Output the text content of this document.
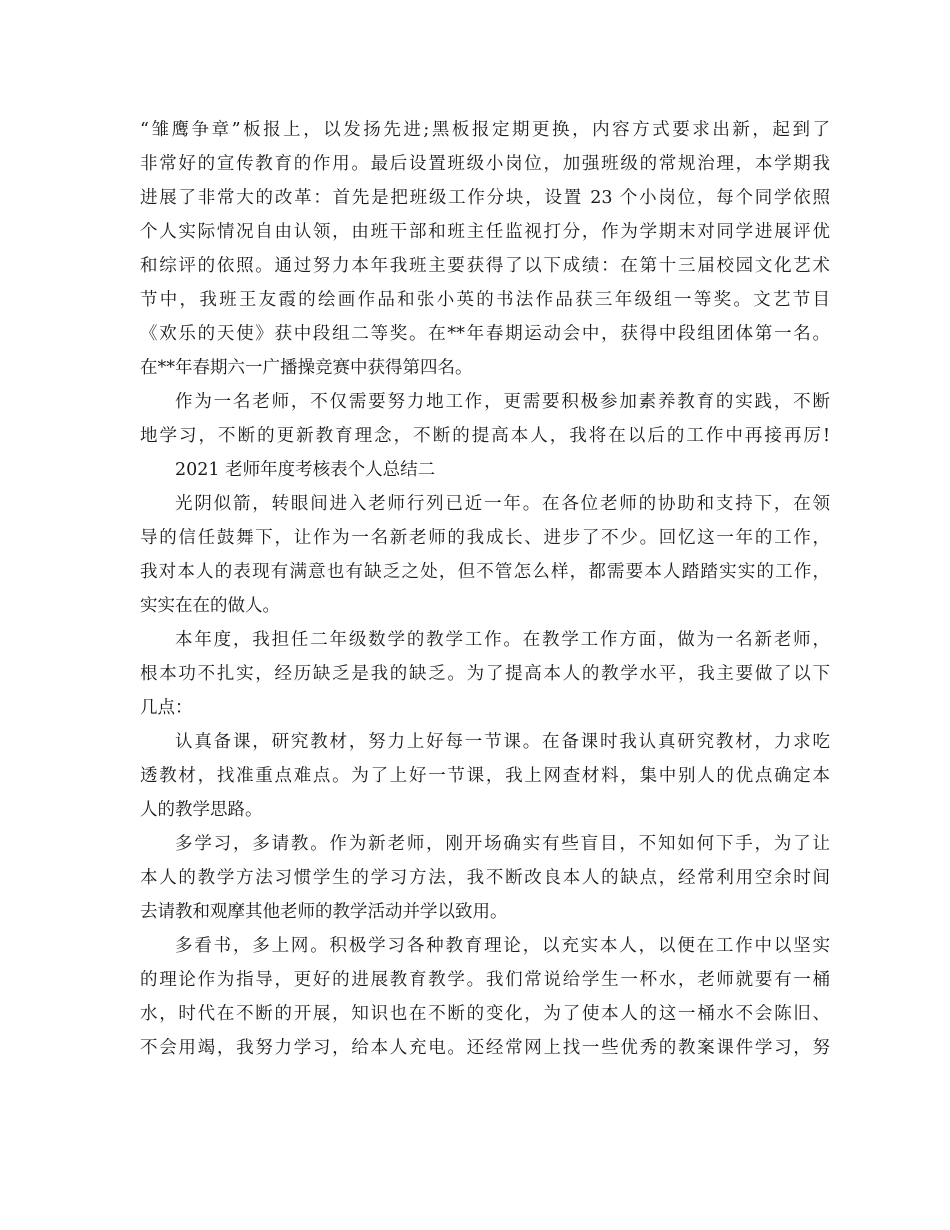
“雏鹰争章”板报上，以发扬先进;黑板报定期更换，内容方式要求出新，起到了
非常好的宣传教育的作用。最后设置班级小岗位，加强班级的常规治理，本学期我
进展了非常大的改革：首先是把班级工作分块，设置 23 个小岗位，每个同学依照
个人实际情况自由认领，由班干部和班主任监视打分，作为学期末对同学进展评优
和综评的依照。通过努力本年我班主要获得了以下成绩：在第十三届校园文化艺术
节中，我班王友霞的绘画作品和张小英的书法作品获三年级组一等奖。文艺节目
《欢乐的天使》获中段组二等奖。在**年春期运动会中，获得中段组团体第一名。
在**年春期六一广播操竞赛中获得第四名。
作为一名老师，不仅需要努力地工作，更需要积极参加素养教育的实践，不断
地学习，不断的更新教育理念，不断的提高本人，我将在以后的工作中再接再厉!
2021 老师年度考核表个人总结二
光阴似箭，转眼间进入老师行列已近一年。在各位老师的协助和支持下，在领
导的信任鼓舞下，让作为一名新老师的我成长、进步了不少。回忆这一年的工作，
我对本人的表现有满意也有缺乏之处，但不管怎么样，都需要本人踏踏实实的工作，
实实在在的做人。
本年度，我担任二年级数学的教学工作。在教学工作方面，做为一名新老师，
根本功不扎实，经历缺乏是我的缺乏。为了提高本人的教学水平，我主要做了以下
几点：
认真备课，研究教材，努力上好每一节课。在备课时我认真研究教材，力求吃
透教材，找准重点难点。为了上好一节课，我上网查材料，集中别人的优点确定本
人的教学思路。
多学习，多请教。作为新老师，刚开场确实有些盲目，不知如何下手，为了让
本人的教学方法习惯学生的学习方法，我不断改良本人的缺点，经常利用空余时间
去请教和观摩其他老师的教学活动并学以致用。
多看书，多上网。积极学习各种教育理论，以充实本人，以便在工作中以坚实
的理论作为指导，更好的进展教育教学。我们常说给学生一杯水，老师就要有一桶
水，时代在不断的开展，知识也在不断的变化，为了使本人的这一桶水不会陈旧、
不会用竭，我努力学习，给本人充电。还经常网上找一些优秀的教案课件学习，努
